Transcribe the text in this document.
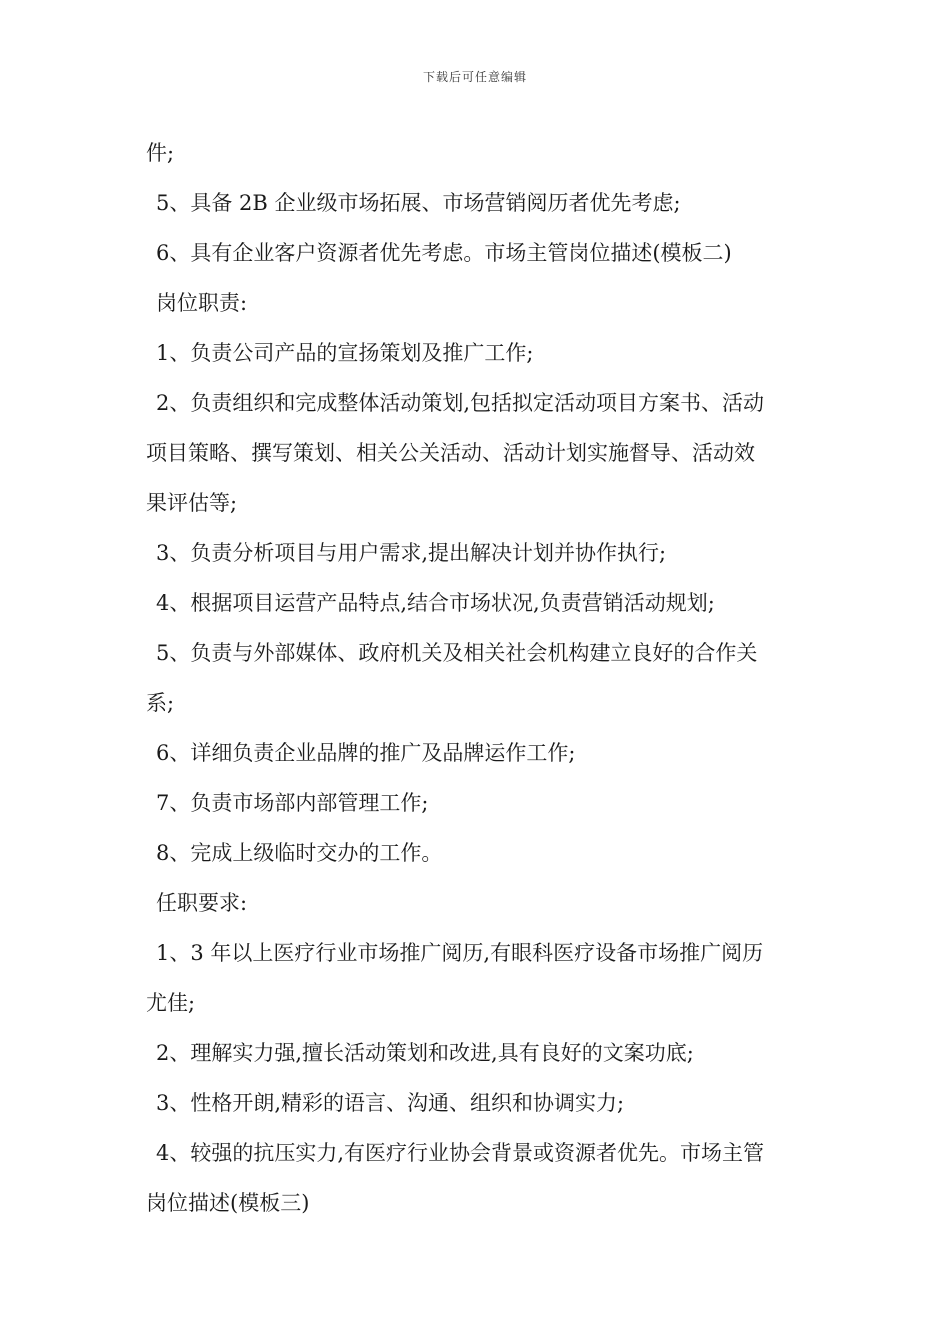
下载后可任意编辑
件;
5、具备 2B 企业级市场拓展、市场营销阅历者优先考虑;
6、具有企业客户资源者优先考虑。市场主管岗位描述(模板二)
岗位职责:
1、负责公司产品的宣扬策划及推广工作;
2、负责组织和完成整体活动策划,包括拟定活动项目方案书、活动
项目策略、撰写策划、相关公关活动、活动计划实施督导、活动效
果评估等;
3、负责分析项目与用户需求,提出解决计划并协作执行;
4、根据项目运营产品特点,结合市场状况,负责营销活动规划;
5、负责与外部媒体、政府机关及相关社会机构建立良好的合作关
系;
6、详细负责企业品牌的推广及品牌运作工作;
7、负责市场部内部管理工作;
8、完成上级临时交办的工作。
任职要求:
1、3 年以上医疗行业市场推广阅历,有眼科医疗设备市场推广阅历
尤佳;
2、理解实力强,擅长活动策划和改进,具有良好的文案功底;
3、性格开朗,精彩的语言、沟通、组织和协调实力;
4、较强的抗压实力,有医疗行业协会背景或资源者优先。市场主管
岗位描述(模板三)
